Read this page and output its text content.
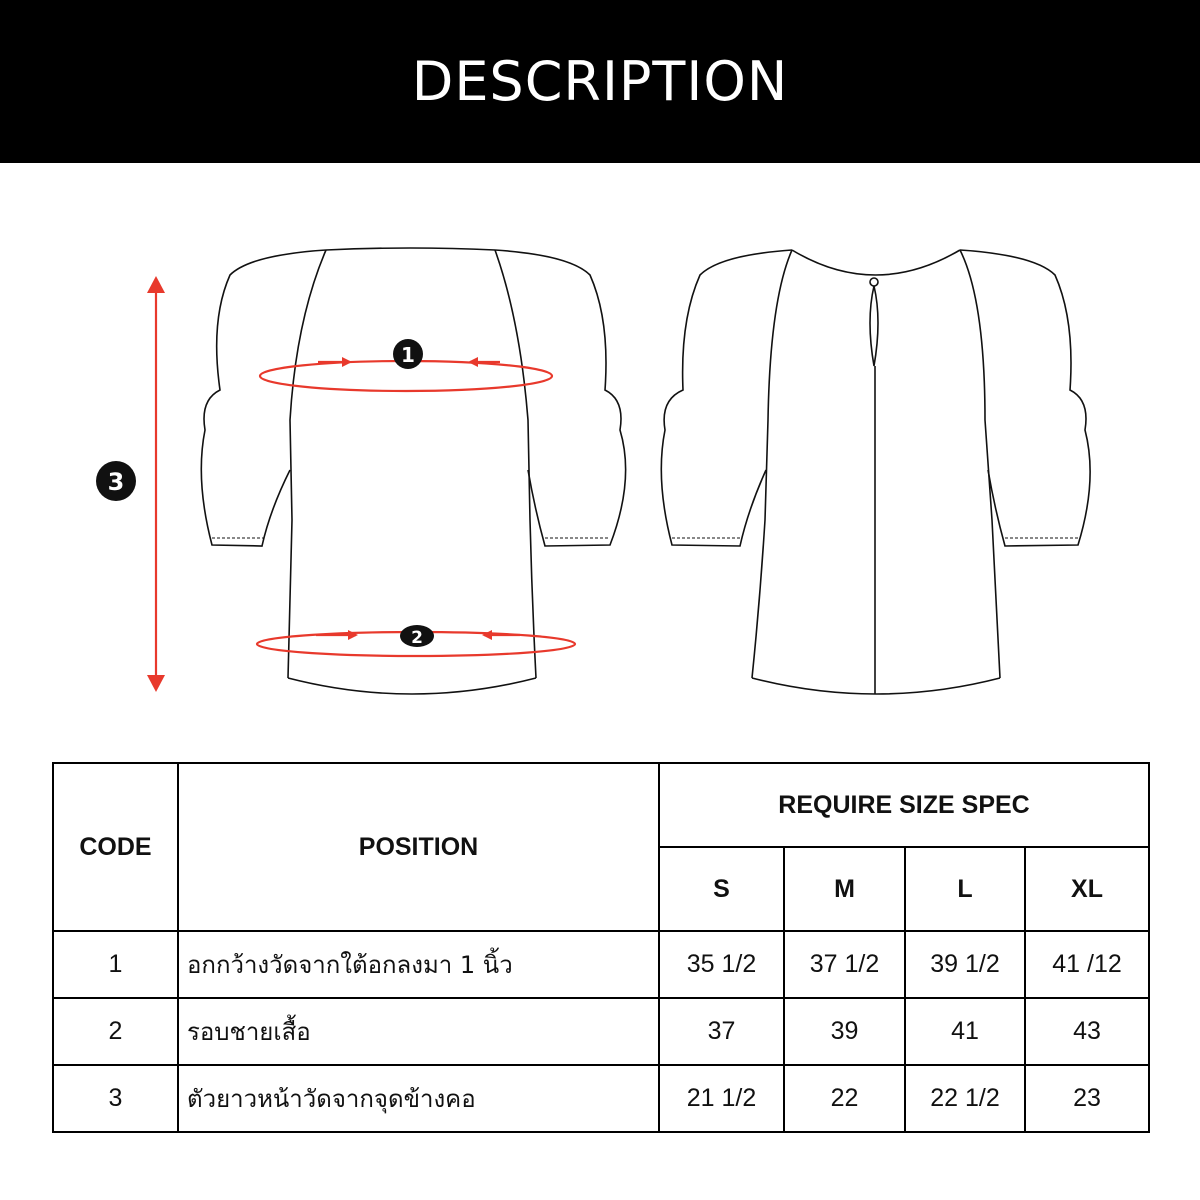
DESCRIPTION
1
2
3
CODE	POSITION	REQUIRE SIZE SPEC			
		S	M	L	XL
1	อกกว้างวัดจากใต้อกลงมา 1 นิ้ว	35 1/2	37 1/2	39 1/2	41 /12
2	รอบชายเสื้อ	37	39	41	43
3	ตัวยาวหน้าวัดจากจุดข้างคอ	21 1/2	22	22 1/2	23
